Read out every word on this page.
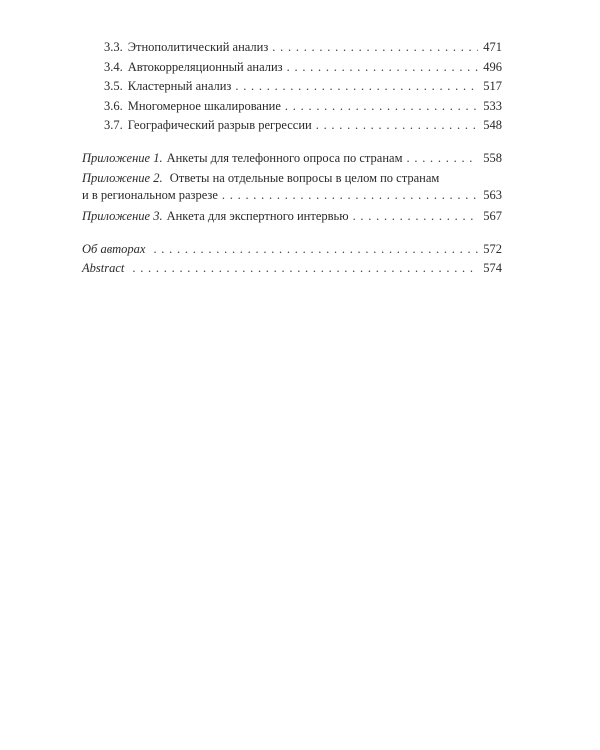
3.3. Этнополитический анализ . . .	471
3.4. Автокорреляционный анализ . . .	496
3.5. Кластерный анализ . . .	517
3.6. Многомерное шкалирование . . .	533
3.7. Географический разрыв регрессии . . .	548
Приложение 1. Анкеты для телефонного опроса по странам . . .	558
Приложение 2. Ответы на отдельные вопросы в целом по странам
и в региональном разрезе . . .	563
Приложение 3. Анкета для экспертного интервью . . .	567
Об авторах . . .	572
Abstract . . .	574
